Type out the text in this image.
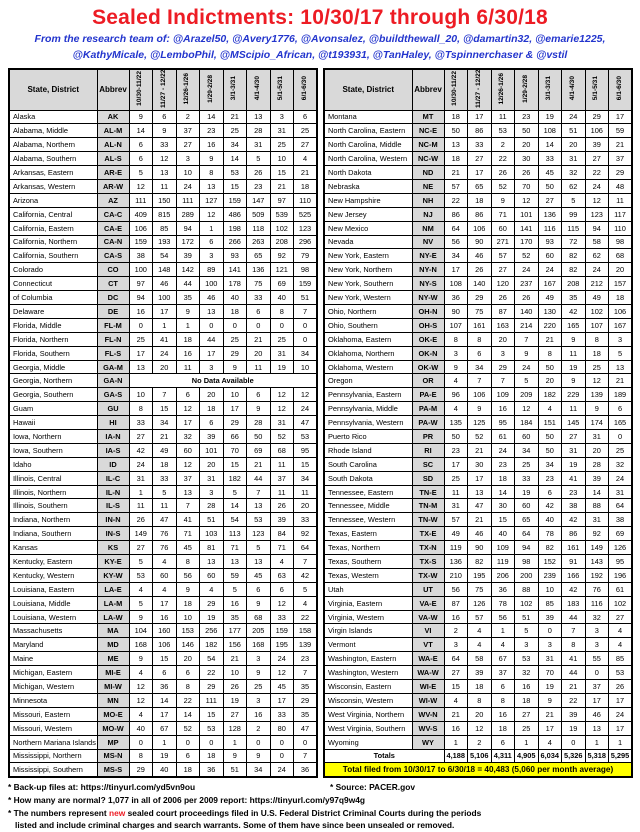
Sealed Indictments: 10/30/17 through 6/30/18
From the research team of: @Arazel50, @Avery1776, @Avonsalez, @buildthewall_20, @damartin32, @emarie1225,
@KathyMicale, @LemboPhil, @MScipio_African, @t193931, @TanHaley, @Tspinnerchaser & @vstil
State, District	Abbrev	10/30-11/22	11/27 - 12/22	12/26-1/26	1/29-2/28	3/1-3/31	4/1-4/30	5/1-5/31	6/1-6/30
Alaska	AK	9	6	2	14	21	13	3	6
Alabama, Middle	AL-M	14	9	37	23	25	28	31	25
Alabama, Northern	AL-N	6	33	27	16	34	31	25	27
Alabama, Southern	AL-S	6	12	3	9	14	5	10	4
Arkansas, Eastern	AR-E	5	13	10	8	53	26	15	21
Arkansas, Western	AR-W	12	11	24	13	15	23	21	18
Arizona	AZ	111	150	111	127	159	147	97	110
California, Central	CA-C	409	815	289	12	486	509	539	525
California, Eastern	CA-E	106	85	94	1	198	118	102	123
California, Northern	CA-N	159	193	172	6	266	263	208	296
California, Southern	CA-S	38	54	39	3	93	65	92	79
Colorado	CO	100	148	142	89	141	136	121	98
Connecticut	CT	97	46	44	100	178	75	69	159
of Columbia	DC	94	100	35	46	40	33	40	51
Delaware	DE	16	17	9	13	18	6	8	7
Florida, Middle	FL-M	0	1	1	0	0	0	0	0
Florida, Northern	FL-N	25	41	18	44	25	21	25	0
Florida, Southern	FL-S	17	24	16	17	29	20	31	34
Georgia, Middle	GA-M	13	20	11	3	9	11	19	10
Georgia, Northern	GA-N	No Data Available							
Georgia, Southern	GA-S	10	7	6	20	10	6	12	12
Guam	GU	8	15	12	18	17	9	12	24
Hawaii	HI	33	34	17	6	29	28	31	47
Iowa, Northern	IA-N	27	21	32	39	66	50	52	53
Iowa, Southern	IA-S	42	49	60	101	70	69	68	95
Idaho	ID	24	18	12	20	15	21	11	15
Illinois, Central	IL-C	31	33	37	31	182	44	37	34
Illinois, Northern	IL-N	1	5	13	3	5	7	11	11
Illinois, Southern	IL-S	11	11	7	28	14	13	26	20
Indiana, Northern	IN-N	26	47	41	51	54	53	39	33
Indiana, Southern	IN-S	149	76	71	103	113	123	84	92
Kansas	KS	27	76	45	81	71	5	71	64
Kentucky, Eastern	KY-E	5	4	8	13	13	13	4	7
Kentucky, Western	KY-W	53	60	56	60	59	45	63	42
Louisiana, Eastern	LA-E	4	4	9	4	5	6	6	5
Louisiana, Middle	LA-M	5	17	18	29	16	9	12	4
Louisiana, Western	LA-W	9	16	10	19	35	68	33	22
Massachusetts	MA	104	160	153	256	177	205	159	158
Maryland	MD	168	106	146	182	156	168	195	139
Maine	ME	9	15	20	54	21	3	24	23
Michigan, Eastern	MI-E	4	6	6	22	10	9	12	7
Michigan, Western	MI-W	12	36	8	29	26	25	45	35
Minnesota	MN	12	14	22	111	19	3	17	29
Missouri, Eastern	MO-E	4	17	14	15	27	16	33	35
Missouri, Western	MO-W	40	67	52	53	128	2	80	47
Northern Mariana Islands	MP	0	1	0	0	1	0	0	0
Mississippi, Northern	MS-N	8	19	6	18	9	9	0	7
Mississippi, Southern	MS-S	29	40	18	36	51	34	24	36
State, District	Abbrev	10/30-11/22	11/27 - 12/22	12/26-1/26	1/29-2/28	3/1-3/31	4/1-4/30	5/1-5/31	6/1-6/30
Montana	MT	18	17	11	23	19	24	29	17
North Carolina, Eastern	NC-E	50	86	53	50	108	51	106	59
North Carolina, Middle	NC-M	13	33	2	20	14	20	39	21
North Carolina, Western	NC-W	18	27	22	30	33	31	27	37
North Dakota	ND	21	17	26	26	45	32	22	29
Nebraska	NE	57	65	52	70	50	62	24	48
New Hampshire	NH	22	18	9	12	27	5	12	11
New Jersey	NJ	86	86	71	101	136	99	123	117
New Mexico	NM	64	106	60	141	116	115	94	110
Nevada	NV	56	90	271	170	93	72	58	98
New York, Eastern	NY-E	34	46	57	52	60	82	62	68
New York, Northern	NY-N	17	26	27	24	24	82	24	20
New York, Southern	NY-S	108	140	120	237	167	208	212	157
New York, Western	NY-W	36	29	26	26	49	35	49	18
Ohio, Northern	OH-N	90	75	87	140	130	42	102	106
Ohio, Southern	OH-S	107	161	163	214	220	165	107	167
Oklahoma, Eastern	OK-E	8	8	20	7	21	9	8	3
Oklahoma, Northern	OK-N	3	6	3	9	8	11	18	5
Oklahoma, Western	OK-W	9	34	29	24	50	19	25	13
Oregon	OR	4	7	7	5	20	9	12	21
Pennsylvania, Eastern	PA-E	96	106	109	209	182	229	139	189
Pennsylvania, Middle	PA-M	4	9	16	12	4	11	9	6
Pennsylvania, Western	PA-W	135	125	95	184	151	145	174	165
Puerto Rico	PR	50	52	61	60	50	27	31	0
Rhode Island	RI	23	21	24	34	50	31	20	25
South Carolina	SC	17	30	23	25	34	19	28	32
South Dakota	SD	25	17	18	33	23	41	39	24
Tennessee, Eastern	TN-E	11	13	14	19	6	23	14	31
Tennessee, Middle	TN-M	31	47	30	60	42	38	88	64
Tennessee, Western	TN-W	57	21	15	65	40	42	31	38
Texas, Eastern	TX-E	49	46	40	64	78	86	92	69
Texas, Northern	TX-N	119	90	109	94	82	161	149	126
Texas, Southern	TX-S	136	82	119	98	152	91	143	95
Texas, Western	TX-W	210	195	206	200	239	166	192	196
Utah	UT	56	75	36	88	10	42	76	61
Virginia, Eastern	VA-E	87	126	78	102	85	183	116	102
Virginia, Western	VA-W	16	57	56	51	39	44	32	27
Virgin Islands	VI	2	4	1	5	0	7	3	4
Vermont	VT	3	4	4	3	3	8	3	4
Washington, Eastern	WA-E	64	58	67	53	31	41	55	85
Washington, Western	WA-W	27	39	37	32	70	44	0	53
Wisconsin, Eastern	WI-E	15	18	6	16	19	21	37	26
Wisconsin, Western	WI-W	4	8	8	18	9	22	17	17
West Virginia, Northern	WV-N	21	20	16	27	21	39	46	24
West Virginia, Southern	WV-S	16	12	18	25	17	19	13	17
Wyoming	WY	1	2	6	1	4	0	1	1
Totals		4,188	5,106	4,311	4,905	6,034	5,326	5,318	5,295
Total filed from 10/30/17 to 6/30/18 = 40,483 (5,060 per month average)									
* Back-up files at: https://tinyurl.com/yd5vn9ou	* Source: PACER.gov
* How many are normal? 1,077 in all of 2006 per 2009 report: https://tinyurl.com/y97q9w4g
* The numbers represent new sealed court proceedings filed in U.S. Federal District Criminal Courts during the periods
listed and include criminal charges and search warrants. Some of them have since been unsealed or removed.
